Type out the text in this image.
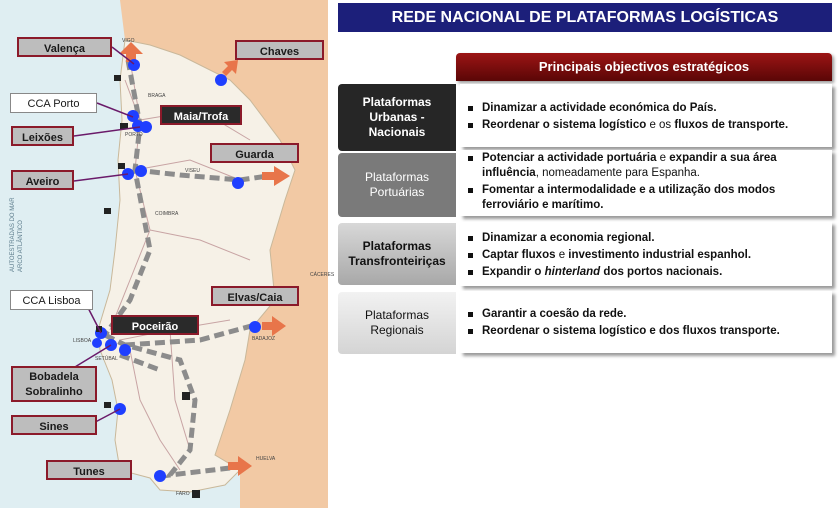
VIGO
BRAGA
PORTO
VISEU
COIMBRA
LISBOA
SETÚBAL
BADAJOZ
FARO
HUELVA
CÁCERES
AUTOESTRADAS DO MAR ARCO ATLÂNTICO
Valença	Chaves
CCA Porto
Maia/Trofa
Leixões
Guarda
Aveiro
CCA Lisboa	Elvas/Caia
Poceirão
Bobadela
Sobralinho
Sines
Tunes
REDE NACIONAL DE PLATAFORMAS LOGÍSTICAS
Principais objectivos estratégicos
Plataformas
Urbanas -
Nacionais
Dinamizar a actividade económica do País.
Reordenar o sistema logístico e os fluxos de transporte.
Plataformas
Portuárias
Potenciar a actividade portuária e expandir a sua área influência, nomeadamente para Espanha.
Fomentar a intermodalidade e a utilização dos modos ferroviário e marítimo.
Plataformas
Transfronteiriças
Dinamizar a economia regional.
Captar fluxos e investimento industrial espanhol.
Expandir o hinterland dos portos nacionais.
Plataformas
Regionais
Garantir a coesão da rede.
Reordenar o sistema logístico e dos fluxos transporte.
